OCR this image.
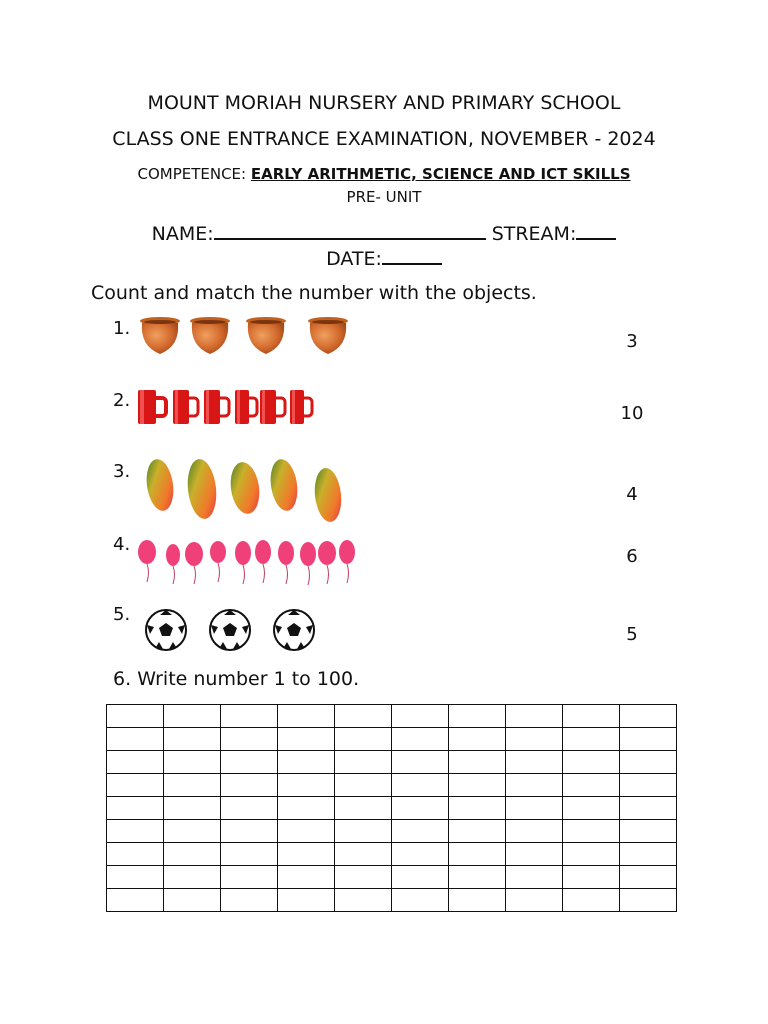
MOUNT MORIAH NURSERY AND PRIMARY SCHOOL
CLASS ONE ENTRANCE EXAMINATION, NOVEMBER - 2024
COMPETENCE: EARLY ARITHMETIC, SCIENCE AND ICT SKILLS
PRE- UNIT
NAME:	STREAM:
DATE:
Count and match the number with the objects.
1.
2.
3.
4.
5.
3
10
4
6
5
6. Write number 1 to 100.
